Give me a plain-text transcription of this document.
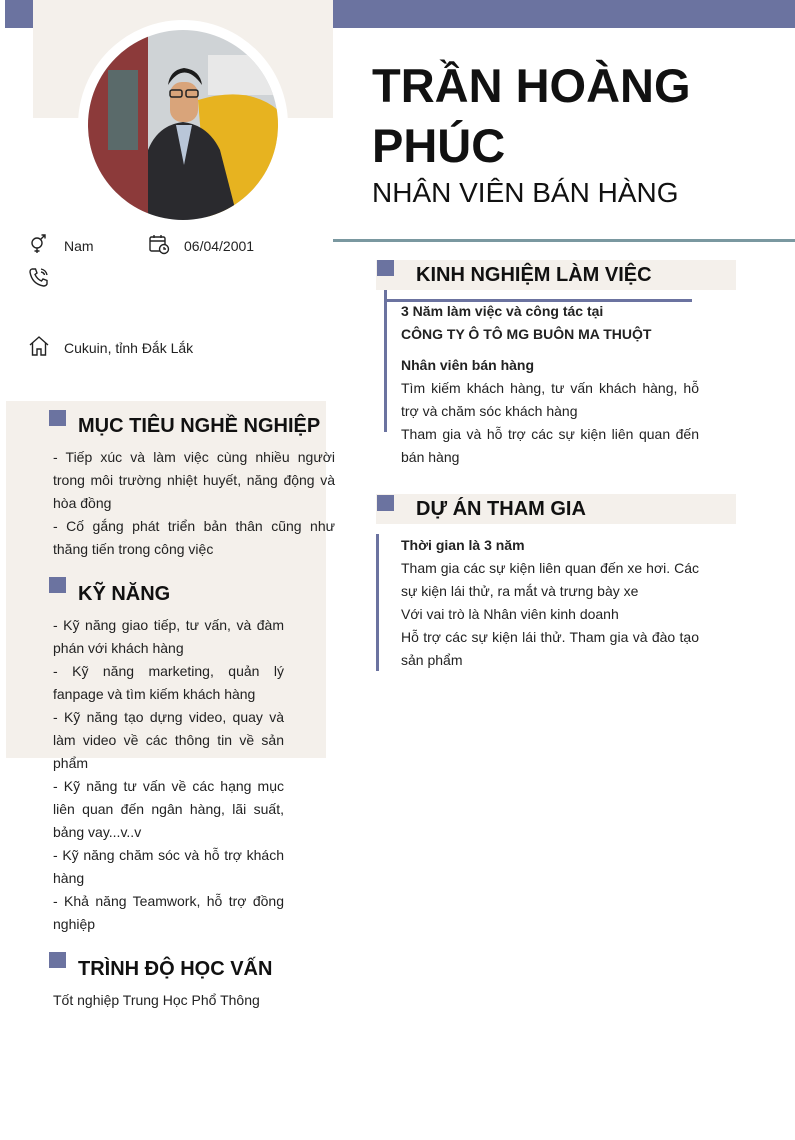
TRẦN HOÀNG PHÚC
NHÂN VIÊN BÁN HÀNG
Nam	06/04/2001
Cukuin, tỉnh Đắk Lắk
MỤC TIÊU NGHỀ NGHIỆP

- Tiếp xúc và làm việc cùng nhiều người trong môi trường nhiệt huyết, năng động và hòa đồng

- Cố gắng phát triển bản thân cũng như thăng tiến trong công việc

KỸ NĂNG

- Kỹ năng giao tiếp, tư vấn, và đàm phán với khách hàng

- Kỹ năng marketing, quản lý fanpage và tìm kiếm khách hàng

- Kỹ năng tạo dựng video, quay và làm video về các thông tin về sản phẩm

- Kỹ năng tư vấn về các hạng mục liên quan đến ngân hàng, lãi suất, bảng vay...v..v

- Kỹ năng chăm sóc và hỗ trợ khách hàng

- Khả năng Teamwork, hỗ trợ đồng nghiệp

TRÌNH ĐỘ HỌC VẤN
Tốt nghiệp Trung Học Phổ Thông
KINH NGHIỆM LÀM VIỆC

3 Năm làm việc và công tác tại

CÔNG TY Ô TÔ MG BUÔN MA THUỘT

Nhân viên bán hàng

Tìm kiếm khách hàng, tư vấn khách hàng, hỗ trợ và chăm sóc khách hàng

Tham gia và hỗ trợ các sự kiện liên quan đến bán hàng

DỰ ÁN THAM GIA

Thời gian là 3 năm

Tham gia các sự kiện liên quan đến xe hơi. Các sự kiện lái thử, ra mắt và trưng bày xe

Với vai trò là Nhân viên kinh doanh

Hỗ trợ các sự kiện lái thử. Tham gia và đào tạo sản phẩm
